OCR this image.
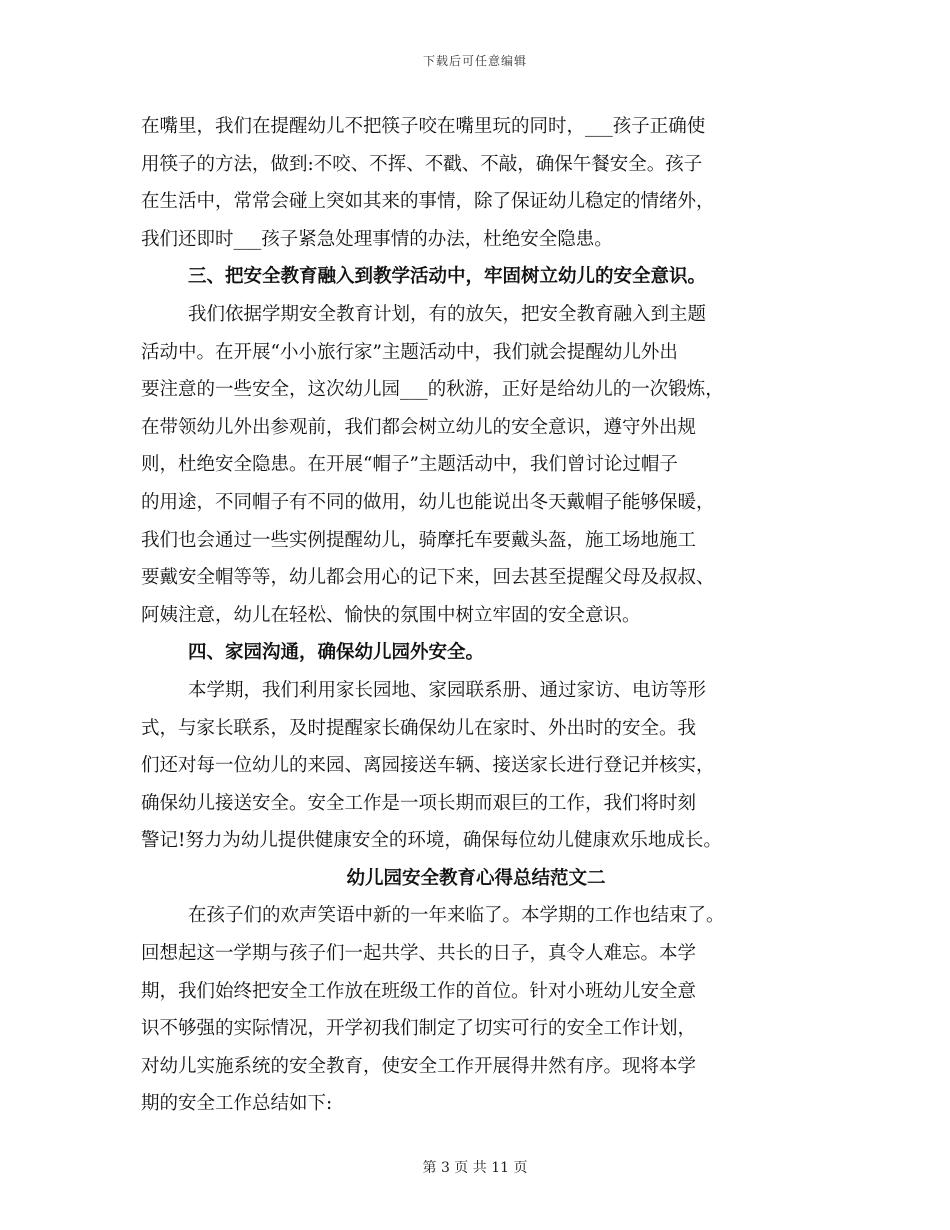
下载后可任意编辑
在嘴里，我们在提醒幼儿不把筷子咬在嘴里玩的同时，___孩子正确使
用筷子的方法，做到:不咬、不挥、不戳、不敲，确保午餐安全。孩子
在生活中，常常会碰上突如其来的事情，除了保证幼儿稳定的情绪外，
我们还即时___孩子紧急处理事情的办法，杜绝安全隐患。
三、把安全教育融入到教学活动中，牢固树立幼儿的安全意识。
我们依据学期安全教育计划，有的放矢，把安全教育融入到主题
活动中。在开展“小小旅行家”主题活动中，我们就会提醒幼儿外出
要注意的一些安全，这次幼儿园___的秋游，正好是给幼儿的一次锻炼，
在带领幼儿外出参观前，我们都会树立幼儿的安全意识，遵守外出规
则，杜绝安全隐患。在开展“帽子”主题活动中，我们曾讨论过帽子
的用途，不同帽子有不同的做用，幼儿也能说出冬天戴帽子能够保暖，
我们也会通过一些实例提醒幼儿，骑摩托车要戴头盔，施工场地施工
要戴安全帽等等，幼儿都会用心的记下来，回去甚至提醒父母及叔叔、
阿姨注意，幼儿在轻松、愉快的氛围中树立牢固的安全意识。
四、家园沟通，确保幼儿园外安全。
本学期，我们利用家长园地、家园联系册、通过家访、电访等形
式，与家长联系，及时提醒家长确保幼儿在家时、外出时的安全。我
们还对每一位幼儿的来园、离园接送车辆、接送家长进行登记并核实，
确保幼儿接送安全。安全工作是一项长期而艰巨的工作，我们将时刻
警记!努力为幼儿提供健康安全的环境，确保每位幼儿健康欢乐地成长。
幼儿园安全教育心得总结范文二
在孩子们的欢声笑语中新的一年来临了。本学期的工作也结束了。
回想起这一学期与孩子们一起共学、共长的日子，真令人难忘。本学
期，我们始终把安全工作放在班级工作的首位。针对小班幼儿安全意
识不够强的实际情况，开学初我们制定了切实可行的安全工作计划，
对幼儿实施系统的安全教育，使安全工作开展得井然有序。现将本学
期的安全工作总结如下:
第 3 页 共 11 页
